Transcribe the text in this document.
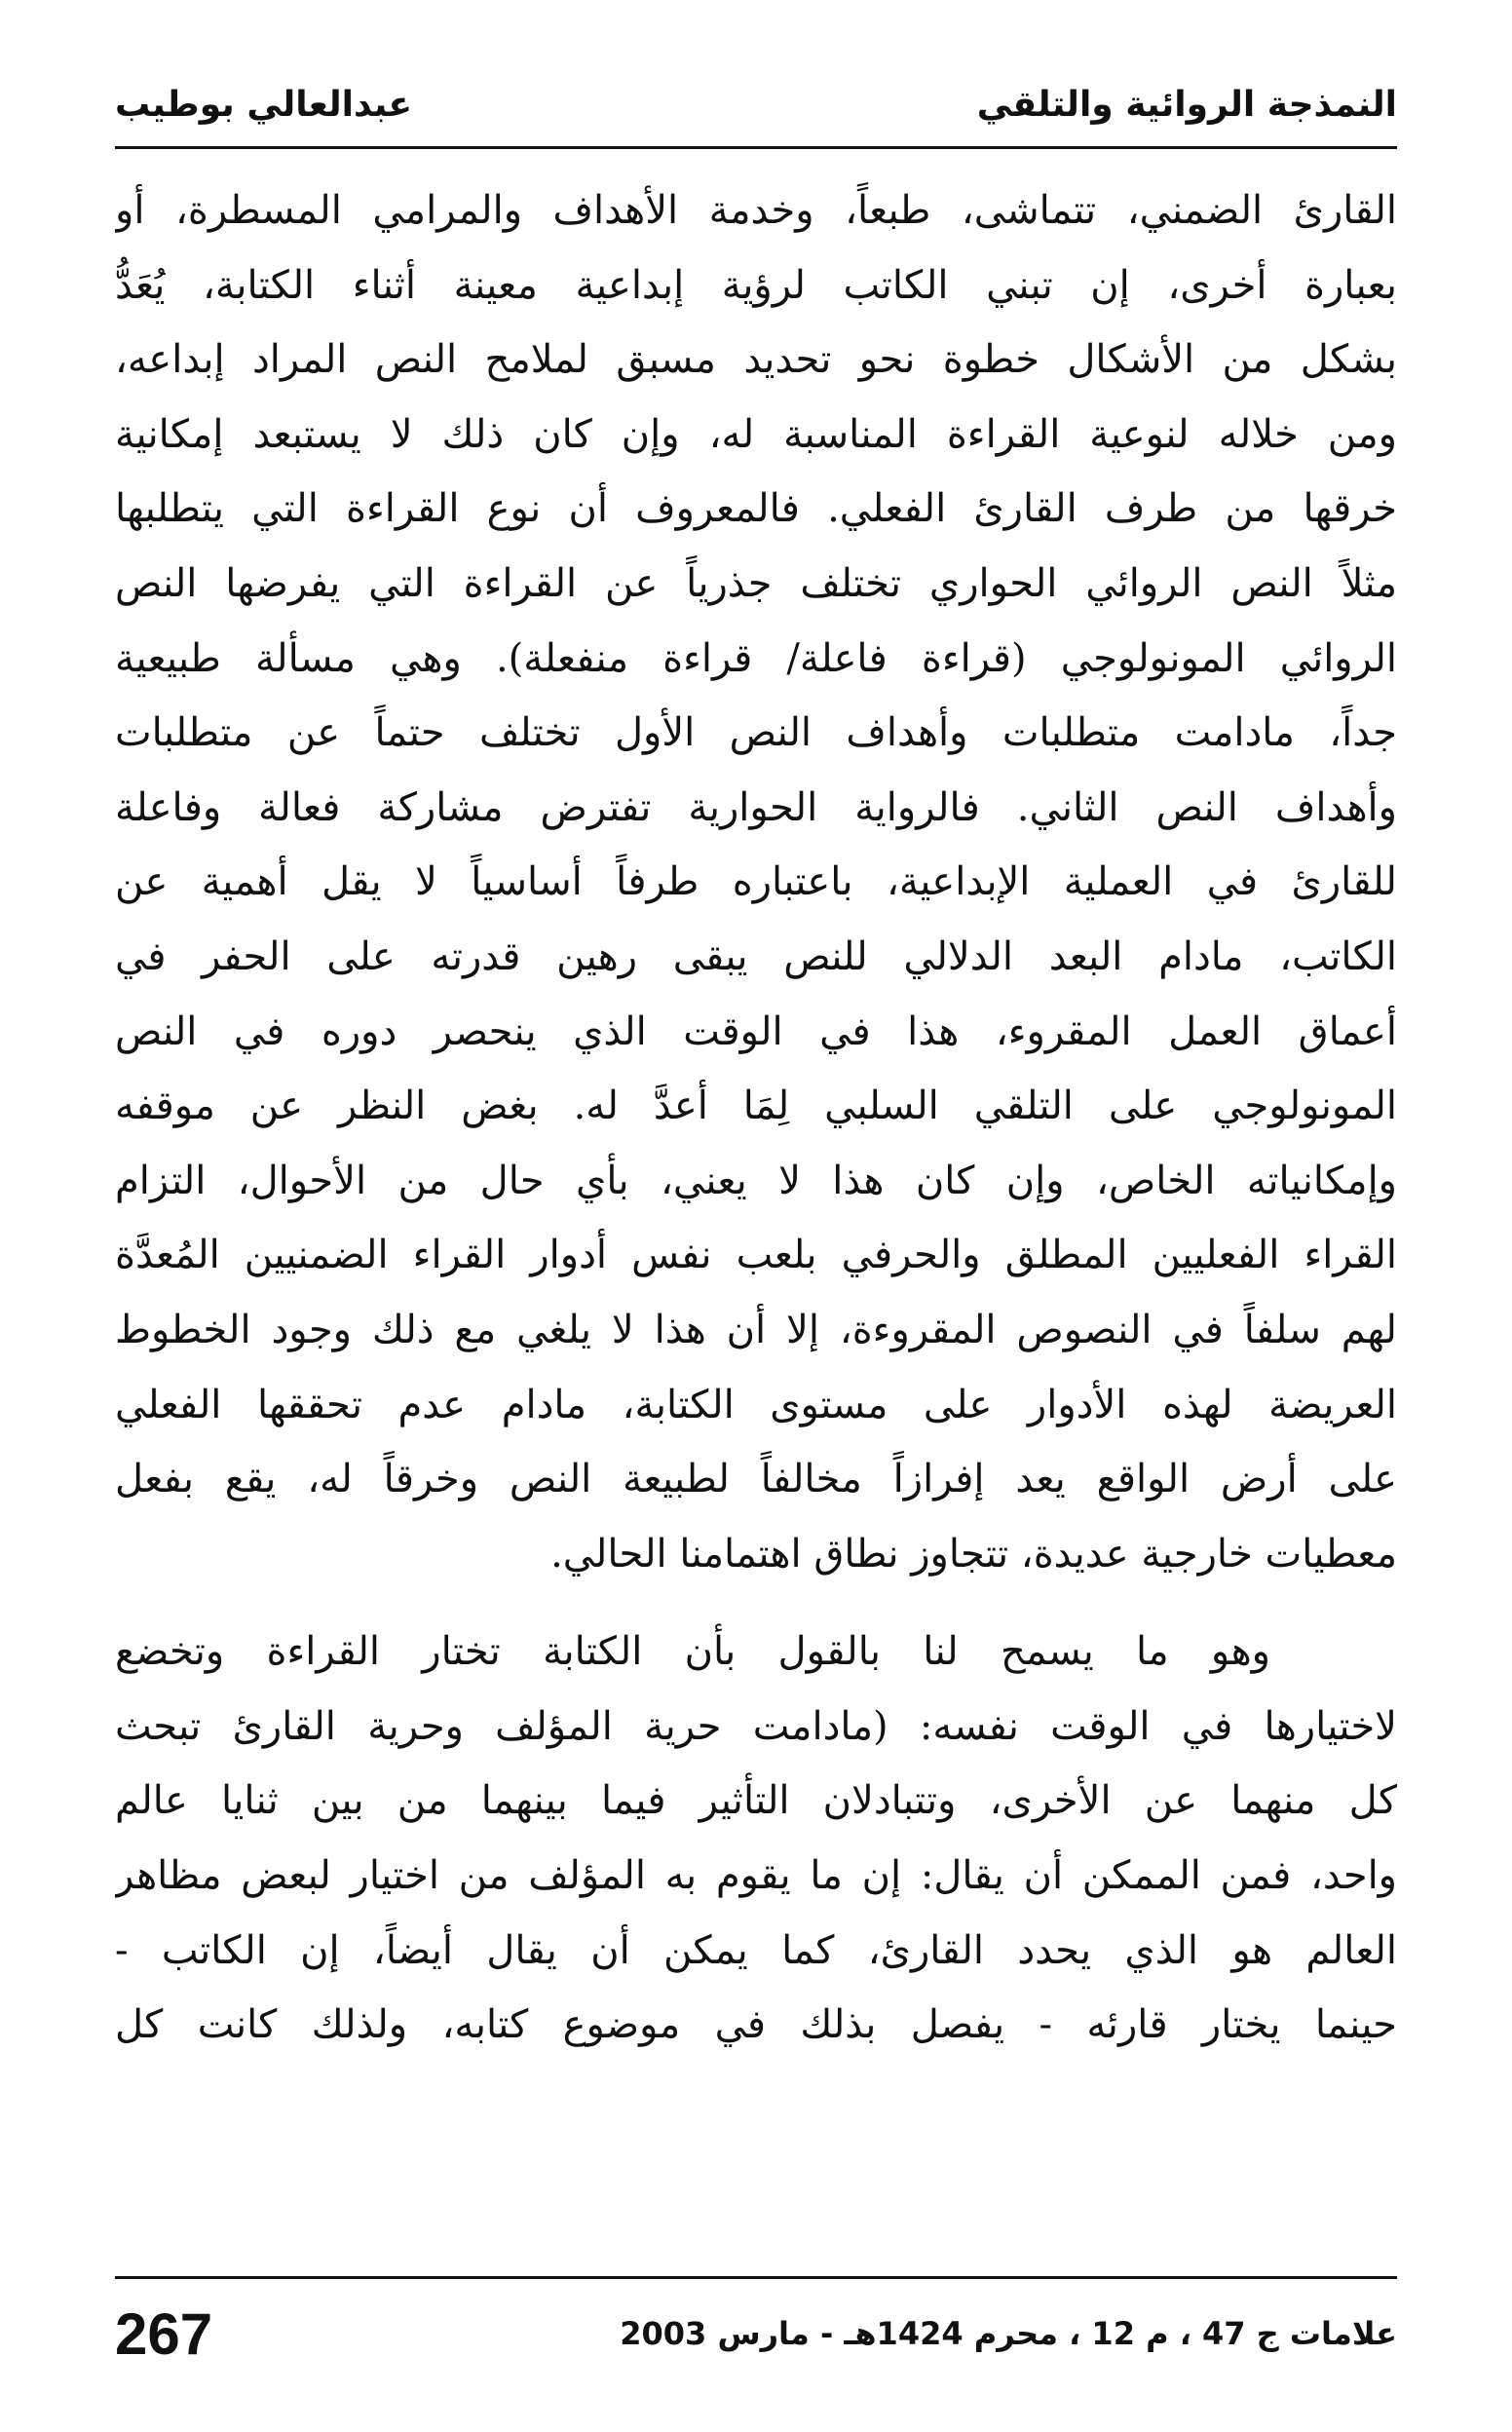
النمذجة الروائية والتلقي
عبدالعالي بوطيب
القارئ الضمني، تتماشى، طبعاً، وخدمة الأهداف والمرامي المسطرة، أو
بعبارة أخرى، إن تبني الكاتب لرؤية إبداعية معينة أثناء الكتابة، يُعَدُّ
بشكل من الأشكال خطوة نحو تحديد مسبق لملامح النص المراد إبداعه،
ومن خلاله لنوعية القراءة المناسبة له، وإن كان ذلك لا يستبعد إمكانية
خرقها من طرف القارئ الفعلي. فالمعروف أن نوع القراءة التي يتطلبها
مثلاً النص الروائي الحواري تختلف جذرياً عن القراءة التي يفرضها النص
الروائي المونولوجي (قراءة فاعلة/ قراءة منفعلة). وهي مسألة طبيعية
جداً، مادامت متطلبات وأهداف النص الأول تختلف حتماً عن متطلبات
وأهداف النص الثاني. فالرواية الحوارية تفترض مشاركة فعالة وفاعلة
للقارئ في العملية الإبداعية، باعتباره طرفاً أساسياً لا يقل أهمية عن
الكاتب، مادام البعد الدلالي للنص يبقى رهين قدرته على الحفر في
أعماق العمل المقروء، هذا في الوقت الذي ينحصر دوره في النص
المونولوجي على التلقي السلبي لِمَا أعدَّ له. بغض النظر عن موقفه
وإمكانياته الخاص، وإن كان هذا لا يعني، بأي حال من الأحوال، التزام
القراء الفعليين المطلق والحرفي بلعب نفس أدوار القراء الضمنيين المُعدَّة
لهم سلفاً في النصوص المقروءة، إلا أن هذا لا يلغي مع ذلك وجود الخطوط
العريضة لهذه الأدوار على مستوى الكتابة، مادام عدم تحققها الفعلي
على أرض الواقع يعد إفرازاً مخالفاً لطبيعة النص وخرقاً له، يقع بفعل
معطيات خارجية عديدة، تتجاوز نطاق اهتمامنا الحالي.
وهو ما يسمح لنا بالقول بأن الكتابة تختار القراءة وتخضع
لاختيارها في الوقت نفسه: (مادامت حرية المؤلف وحرية القارئ تبحث
كل منهما عن الأخرى، وتتبادلان التأثير فيما بينهما من بين ثنايا عالم
واحد، فمن الممكن أن يقال: إن ما يقوم به المؤلف من اختيار لبعض مظاهر
العالم هو الذي يحدد القارئ، كما يمكن أن يقال أيضاً، إن الكاتب -
حينما يختار قارئه - يفصل بذلك في موضوع كتابه، ولذلك كانت كل
علامات ج 47 ، م 12 ، محرم 1424هـ - مارس 2003
267
